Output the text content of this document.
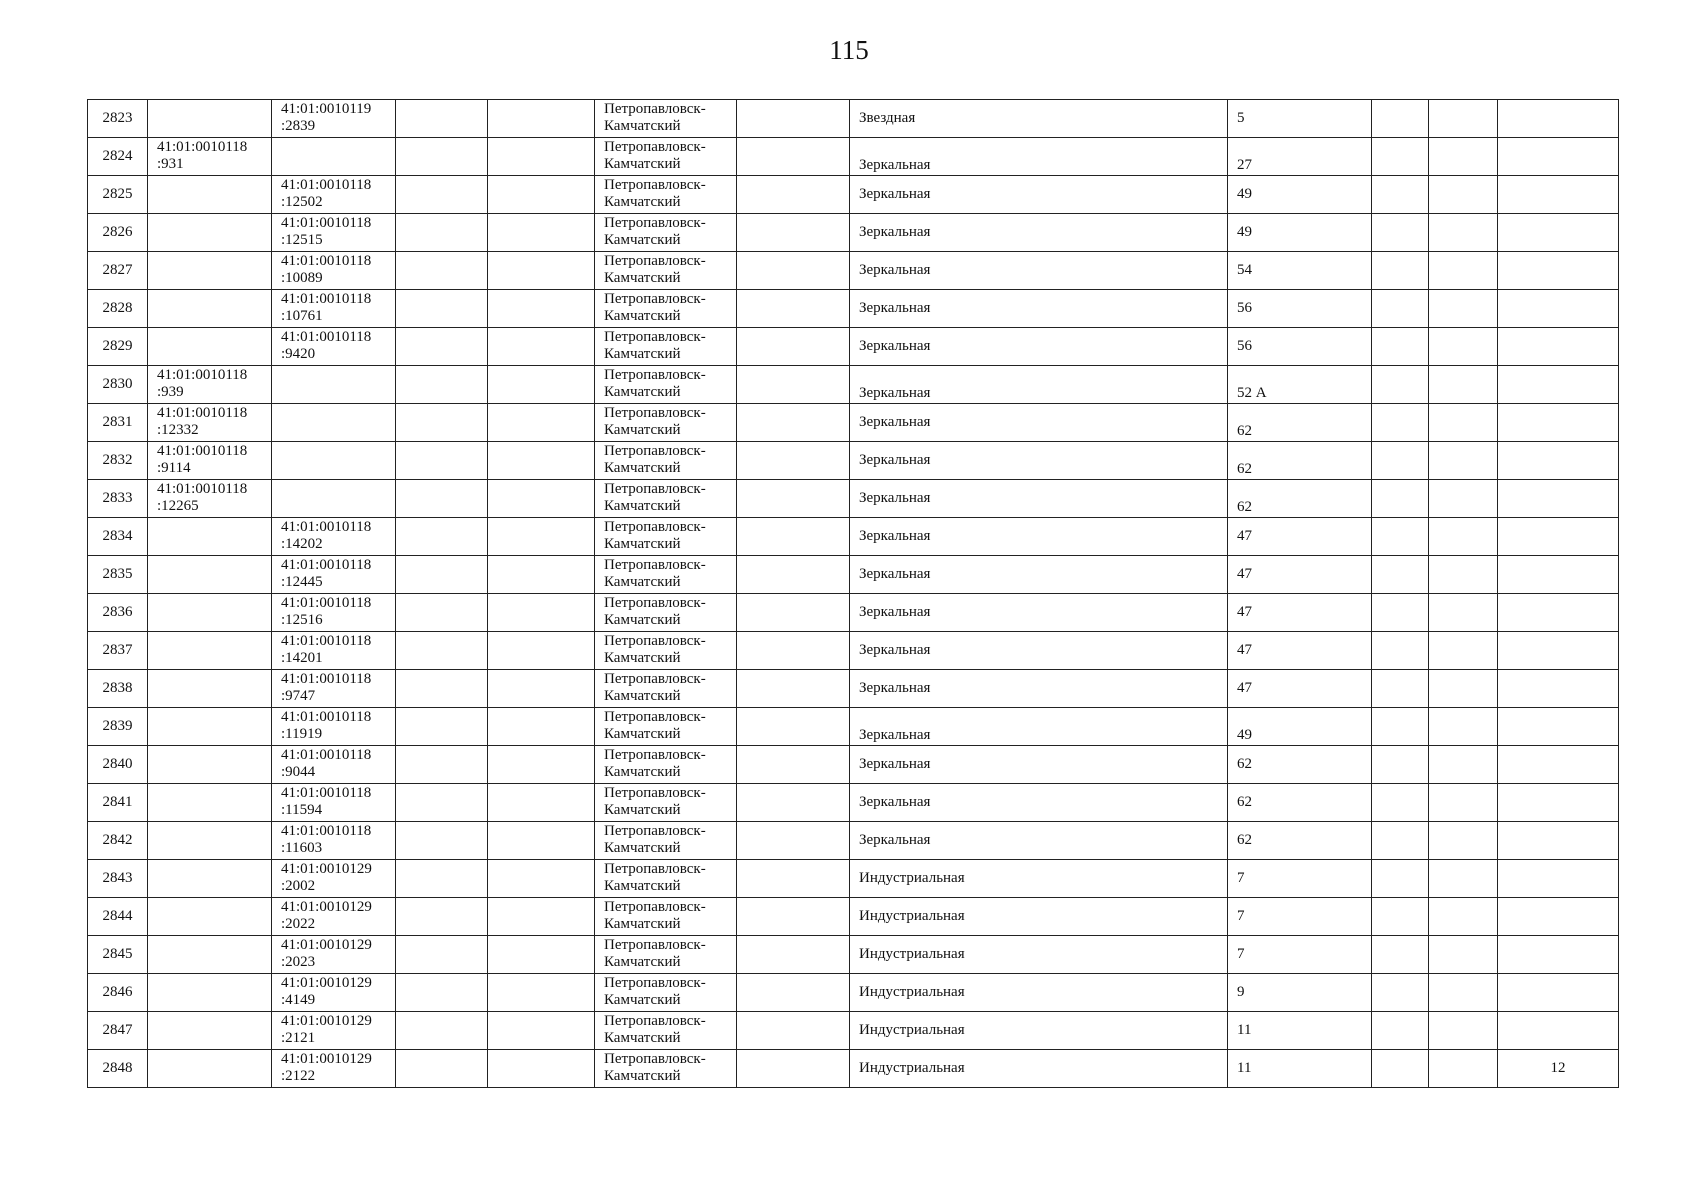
115
2823		41:01:0010119
:2839			Петропавловск-
Камчатский		Звездная	5			
2824	41:01:0010118
:931				Петропавловск-
Камчатский		Зеркальная	27			
2825		41:01:0010118
:12502			Петропавловск-
Камчатский		Зеркальная	49			
2826		41:01:0010118
:12515			Петропавловск-
Камчатский		Зеркальная	49			
2827		41:01:0010118
:10089			Петропавловск-
Камчатский		Зеркальная	54			
2828		41:01:0010118
:10761			Петропавловск-
Камчатский		Зеркальная	56			
2829		41:01:0010118
:9420			Петропавловск-
Камчатский		Зеркальная	56			
2830	41:01:0010118
:939				Петропавловск-
Камчатский		Зеркальная	52 А			
2831	41:01:0010118
:12332				Петропавловск-
Камчатский		Зеркальная	62			
2832	41:01:0010118
:9114				Петропавловск-
Камчатский		Зеркальная	62			
2833	41:01:0010118
:12265				Петропавловск-
Камчатский		Зеркальная	62			
2834		41:01:0010118
:14202			Петропавловск-
Камчатский		Зеркальная	47			
2835		41:01:0010118
:12445			Петропавловск-
Камчатский		Зеркальная	47			
2836		41:01:0010118
:12516			Петропавловск-
Камчатский		Зеркальная	47			
2837		41:01:0010118
:14201			Петропавловск-
Камчатский		Зеркальная	47			
2838		41:01:0010118
:9747			Петропавловск-
Камчатский		Зеркальная	47			
2839		41:01:0010118
:11919			Петропавловск-
Камчатский		Зеркальная	49			
2840		41:01:0010118
:9044			Петропавловск-
Камчатский		Зеркальная	62			
2841		41:01:0010118
:11594			Петропавловск-
Камчатский		Зеркальная	62			
2842		41:01:0010118
:11603			Петропавловск-
Камчатский		Зеркальная	62			
2843		41:01:0010129
:2002			Петропавловск-
Камчатский		Индустриальная	7			
2844		41:01:0010129
:2022			Петропавловск-
Камчатский		Индустриальная	7			
2845		41:01:0010129
:2023			Петропавловск-
Камчатский		Индустриальная	7			
2846		41:01:0010129
:4149			Петропавловск-
Камчатский		Индустриальная	9			
2847		41:01:0010129
:2121			Петропавловск-
Камчатский		Индустриальная	11			
2848		41:01:0010129
:2122			Петропавловск-
Камчатский		Индустриальная	11			12
